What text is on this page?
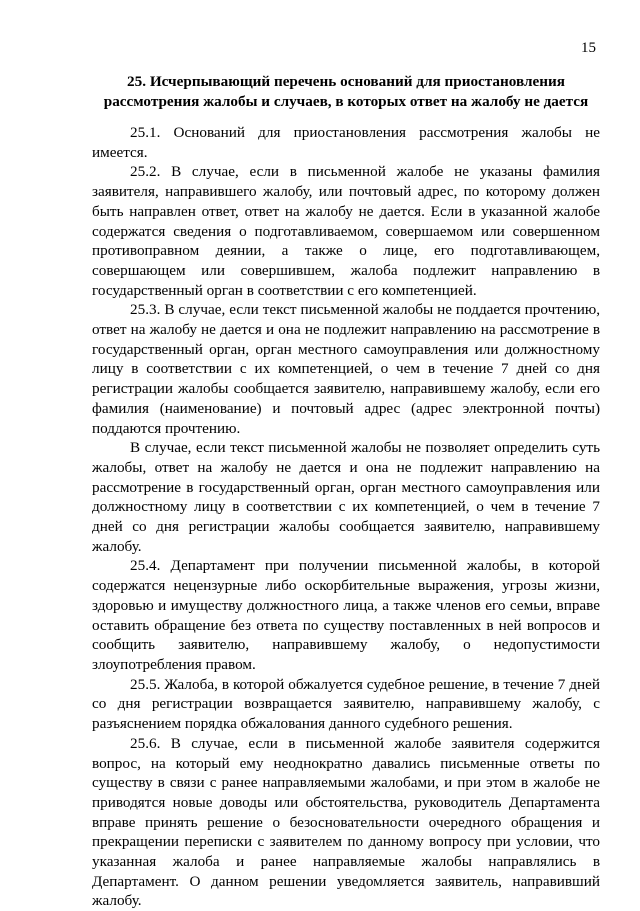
15
25. Исчерпывающий перечень оснований для приостановления
рассмотрения жалобы и случаев, в которых ответ на жалобу не дается

25.1. Оснований для приостановления рассмотрения жалобы не имеется.

25.2. В случае, если в письменной жалобе не указаны фамилия заявителя, направившего жалобу, или почтовый адрес, по которому должен быть направлен ответ, ответ на жалобу не дается. Если в указанной жалобе содержатся сведения о подготавливаемом, совершаемом или совершенном противоправном деянии, а также о лице, его подготавливающем, совершающем или совершившем, жалоба подлежит направлению в государственный орган в соответствии с его компетенцией.

25.3. В случае, если текст письменной жалобы не поддается прочтению, ответ на жалобу не дается и она не подлежит направлению на рассмотрение в государственный орган, орган местного самоуправления или должностному лицу в соответствии с их компетенцией, о чем в течение 7 дней со дня регистрации жалобы сообщается заявителю, направившему жалобу, если его фамилия (наименование) и почтовый адрес (адрес электронной почты) поддаются прочтению.

В случае, если текст письменной жалобы не позволяет определить суть жалобы, ответ на жалобу не дается и она не подлежит направлению на рассмотрение в государственный орган, орган местного самоуправления или должностному лицу в соответствии с их компетенцией, о чем в течение 7 дней со дня регистрации жалобы сообщается заявителю, направившему жалобу.

25.4. Департамент при получении письменной жалобы, в которой содержатся нецензурные либо оскорбительные выражения, угрозы жизни, здоровью и имуществу должностного лица, а также членов его семьи, вправе оставить обращение без ответа по существу поставленных в ней вопросов и сообщить заявителю, направившему жалобу, о недопустимости злоупотребления правом.

25.5. Жалоба, в которой обжалуется судебное решение, в течение 7 дней со дня регистрации возвращается заявителю, направившему жалобу, с разъяснением порядка обжалования данного судебного решения.

25.6. В случае, если в письменной жалобе заявителя содержится вопрос, на который ему неоднократно давались письменные ответы по существу в связи с ранее направляемыми жалобами, и при этом в жалобе не приводятся новые доводы или обстоятельства, руководитель Департамента вправе принять решение о безосновательности очередного обращения и прекращении переписки с заявителем по данному вопросу при условии, что указанная жалоба и ранее направляемые жалобы направлялись в Департамент. О данном решении уведомляется заявитель, направивший жалобу.
